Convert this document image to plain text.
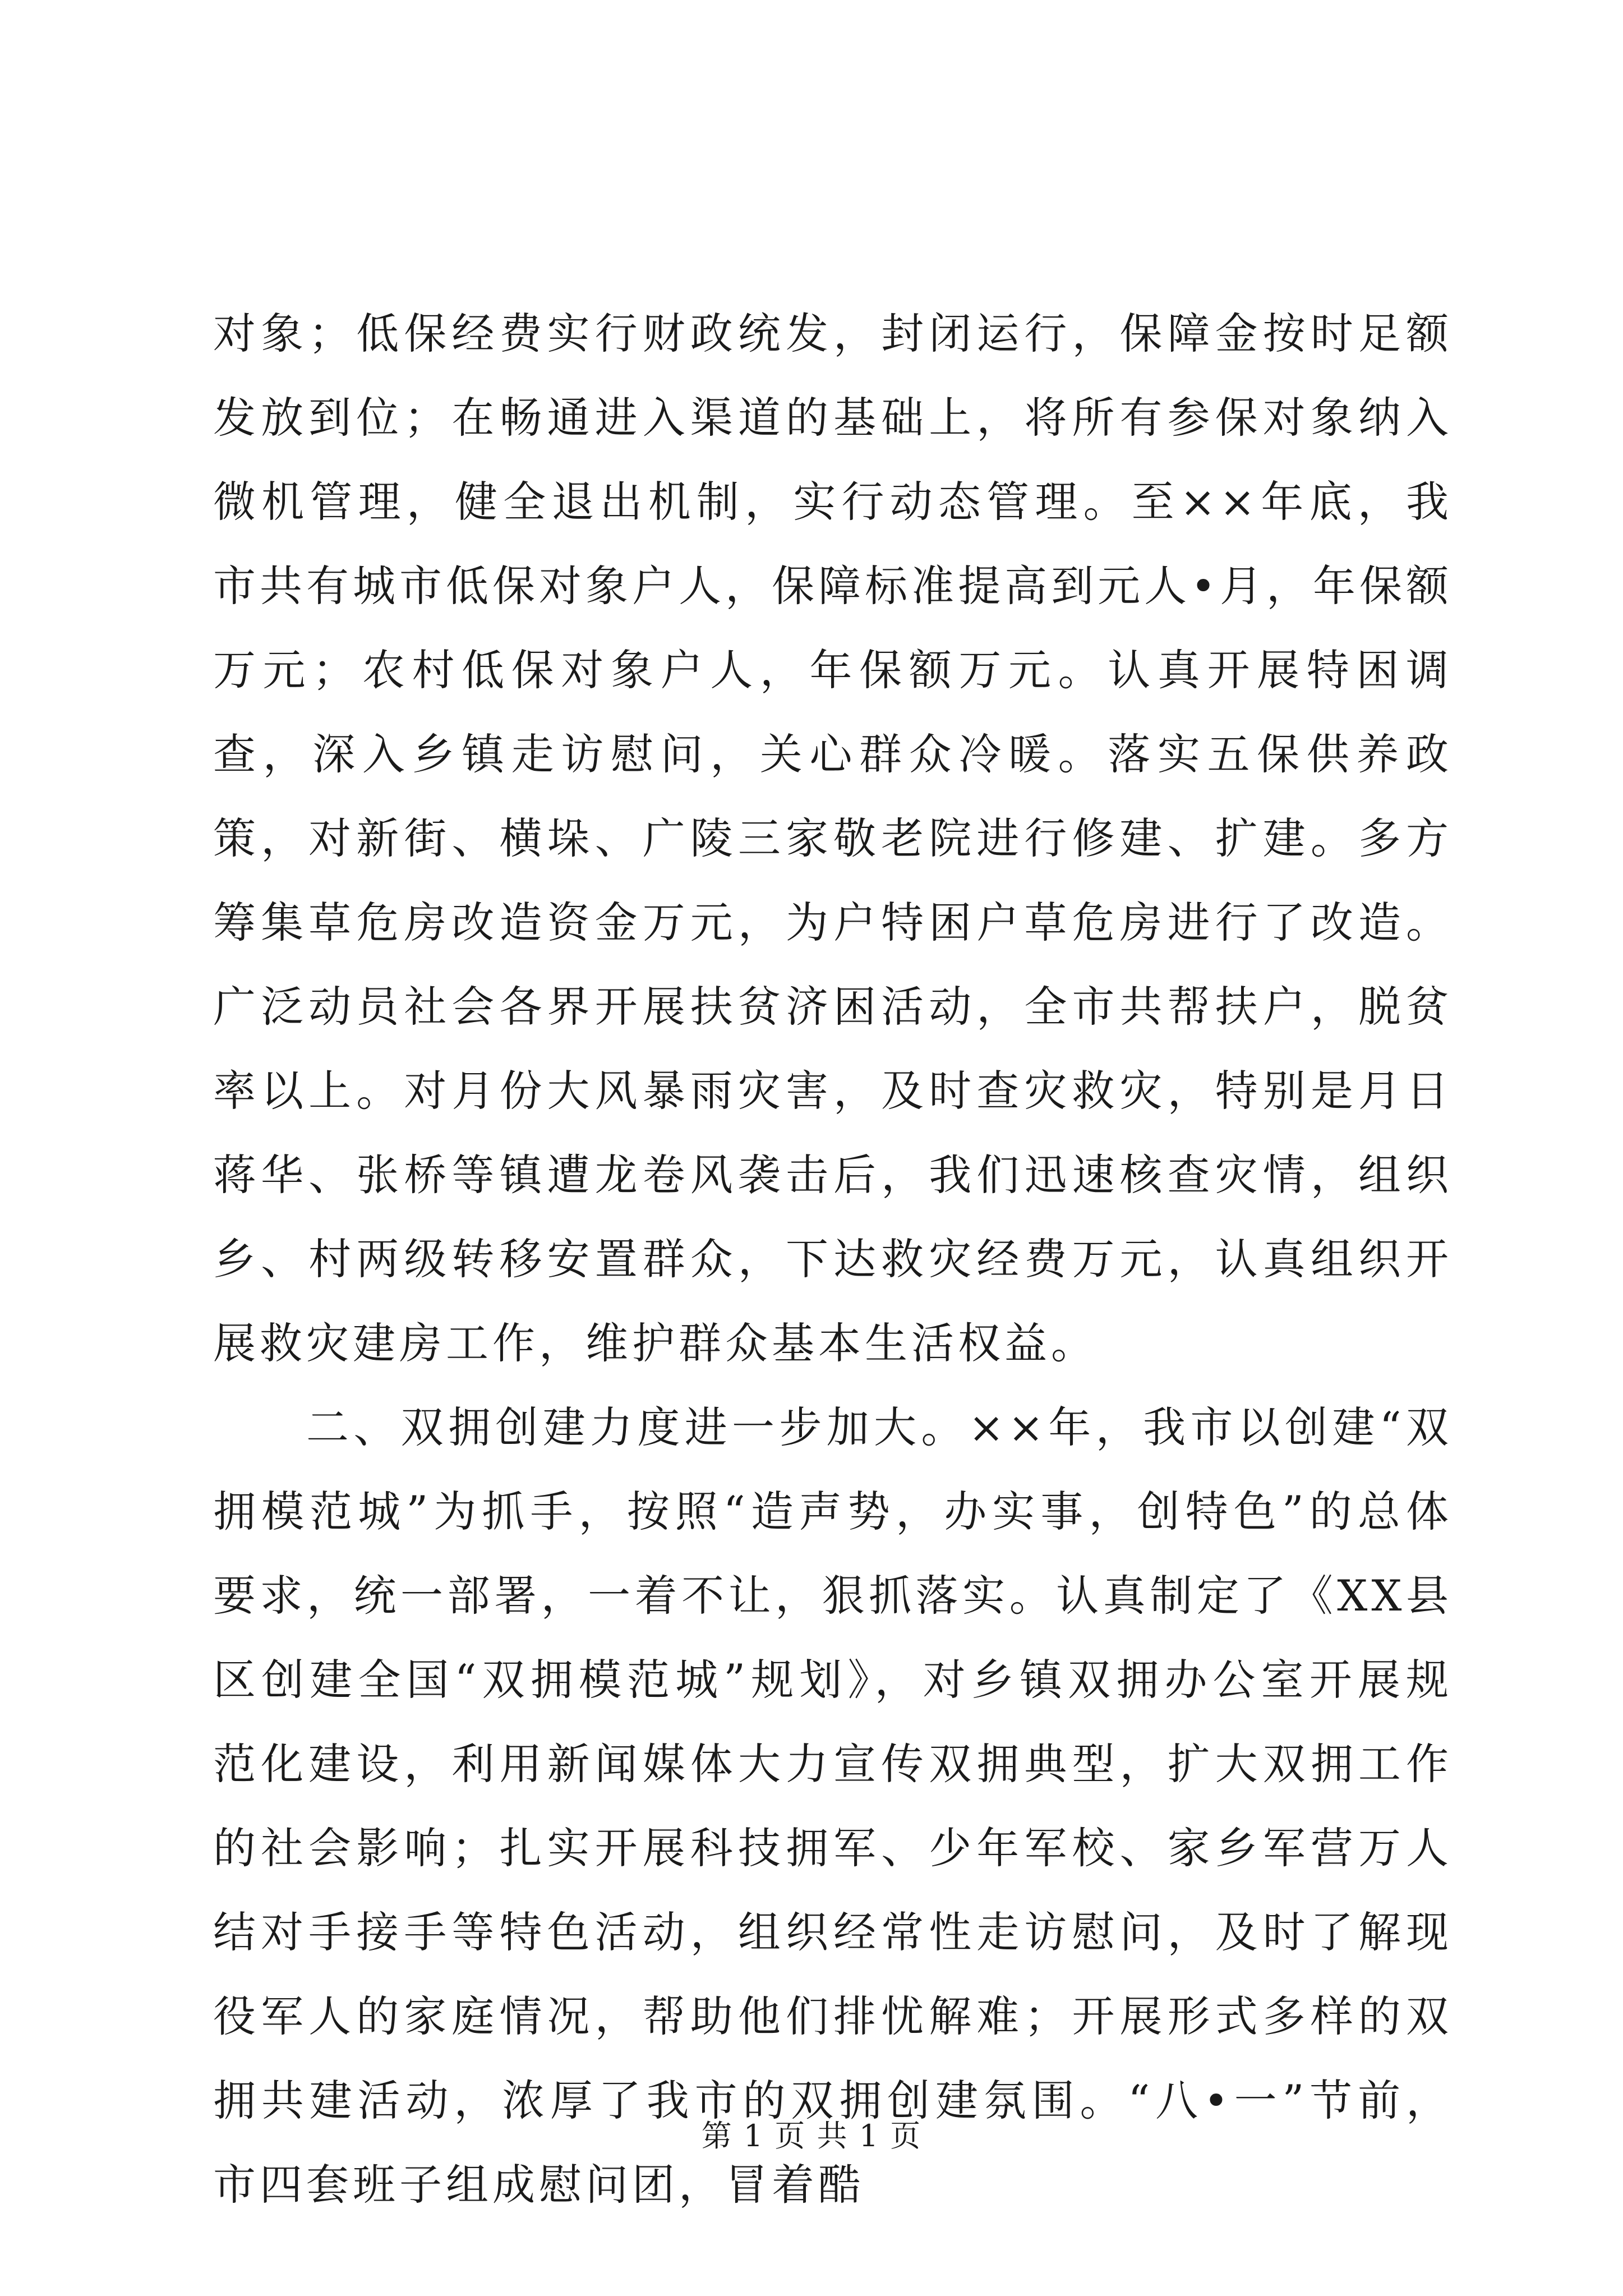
对象；低保经费实行财政统发，封闭运行，保障金按时足额发放到位；在畅通进入渠道的基础上，将所有参保对象纳入微机管理，健全退出机制，实行动态管理。至××年底，我市共有城市低保对象户人，保障标准提高到元人•月，年保额万元；农村低保对象户人，年保额万元。认真开展特困调查，深入乡镇走访慰问，关心群众冷暖。落实五保供养政策，对新街、横垛、广陵三家敬老院进行修建、扩建。多方筹集草危房改造资金万元，为户特困户草危房进行了改造。广泛动员社会各界开展扶贫济困活动，全市共帮扶户，脱贫率以上。对月份大风暴雨灾害，及时查灾救灾，特别是月日蒋华、张桥等镇遭龙卷风袭击后，我们迅速核查灾情，组织乡、村两级转移安置群众，下达救灾经费万元，认真组织开展救灾建房工作，维护群众基本生活权益。

二、双拥创建力度进一步加大。××年，我市以创建“双拥模范城”为抓手，按照“造声势，办实事，创特色”的总体要求，统一部署，一着不让，狠抓落实。认真制定了《XX县区创建全国“双拥模范城”规划》，对乡镇双拥办公室开展规范化建设，利用新闻媒体大力宣传双拥典型，扩大双拥工作的社会影响；扎实开展科技拥军、少年军校、家乡军营万人结对手接手等特色活动，组织经常性走访慰问，及时了解现役军人的家庭情况，帮助他们排忧解难；开展形式多样的双拥共建活动，浓厚了我市的双拥创建氛围。“八•一”节前，市四套班子组成慰问团，冒着酷

第 1 页 共 1 页
